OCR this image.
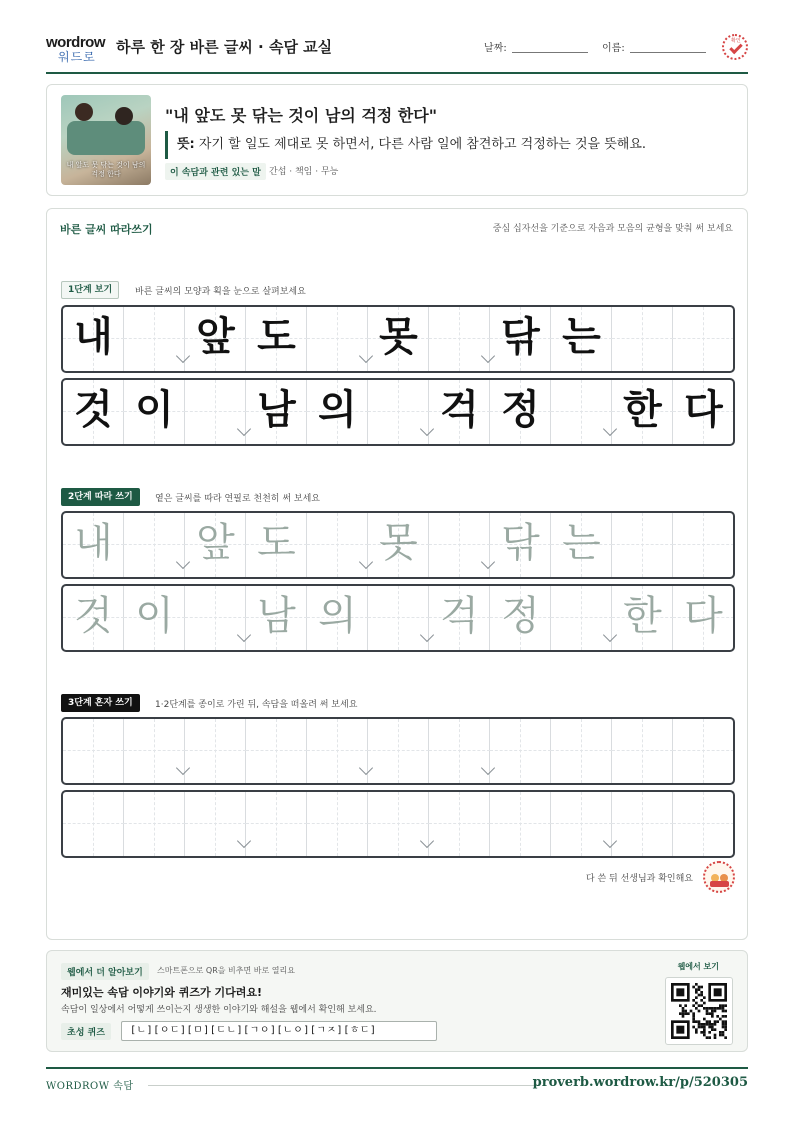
wordrow
워드로
하루 한 장 바른 글씨 · 속담 교실	날짜:	이름:
확인
내 앞도 못 닦는 것이 남의 걱정 한다
"내 앞도 못 닦는 것이 남의 걱정 한다"
뜻: 자기 할 일도 제대로 못 하면서, 다른 사람 일에 참견하고 걱정하는 것을 뜻해요.
이 속담과 관련 있는 말 간섭 · 책임 · 무능
바른 글씨 따라쓰기	중심 십자선을 기준으로 자음과 모음의 균형을 맞춰 써 보세요
1단계 보기	바른 글씨의 모양과 획을 눈으로 살펴보세요
내 앞 도 못 닦 는
것 이 남 의 걱 정 한 다
2단계 따라 쓰기	옅은 글씨를 따라 연필로 천천히 써 보세요
내 앞 도 못 닦 는
것 이 남 의 걱 정 한 다
3단계 혼자 쓰기	1·2단계를 종이로 가린 뒤, 속담을 떠올려 써 보세요
다 쓴 뒤 선생님과 확인해요
웹에서 더 알아보기	스마트폰으로 QR을 비추면 바로 열리요
재미있는 속담 이야기와 퀴즈가 기다려요!
속담이 일상에서 어떻게 쓰이는지 생생한 이야기와 해설을 웹에서 확인해 보세요.
초성 퀴즈	[ㄴ][ㅇㄷ][ㅁ][ㄷㄴ][ㄱㅇ][ㄴㅇ][ㄱㅈ][ㅎㄷ]
웹에서 보기
WORDROW 속담	proverb.wordrow.kr/p/520305
